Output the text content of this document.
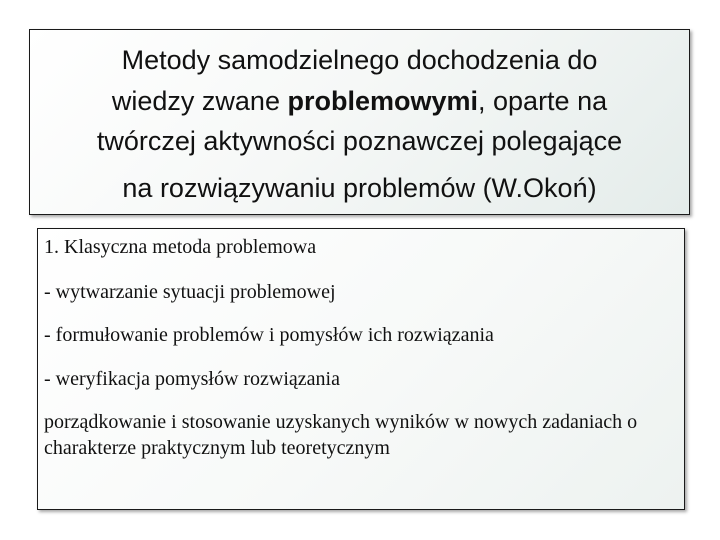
Metody samodzielnego dochodzenia do
wiedzy zwane problemowymi, oparte na
twórczej aktywności poznawczej polegające
na rozwiązywaniu problemów (W.Okoń)
1. Klasyczna metoda problemowa
- wytwarzanie sytuacji problemowej
- formułowanie problemów i pomysłów ich rozwiązania
- weryfikacja pomysłów rozwiązania
porządkowanie i stosowanie uzyskanych wyników w nowych zadaniach o charakterze praktycznym lub teoretycznym
